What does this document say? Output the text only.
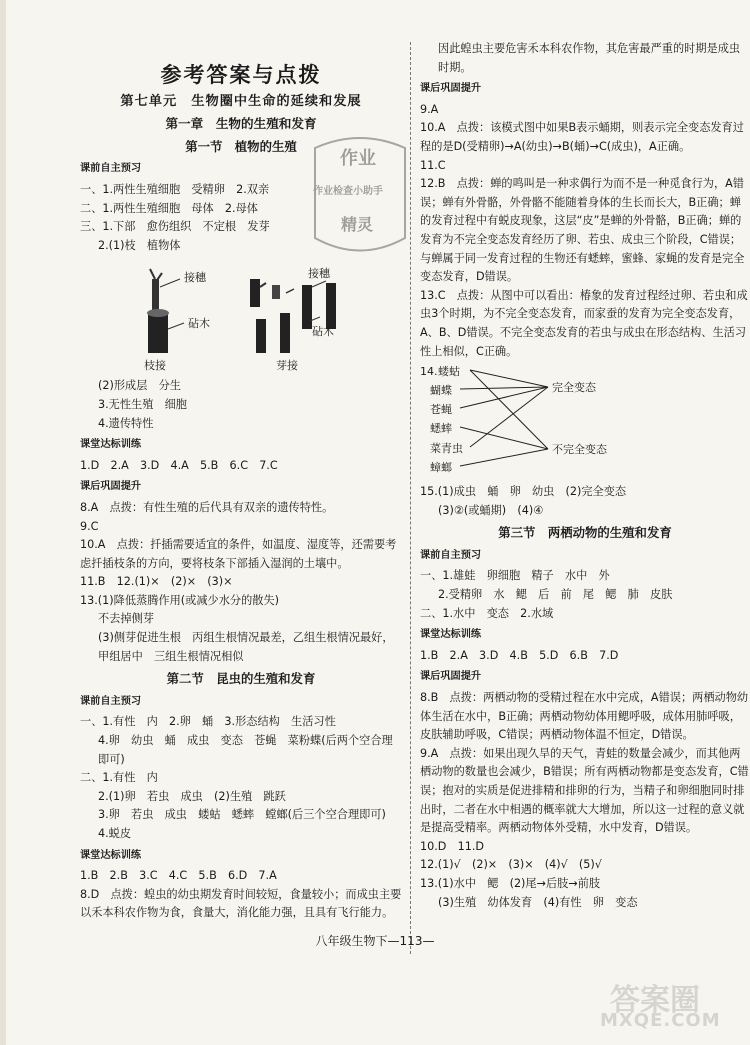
参考答案与点拨
第七单元　生物圈中生命的延续和发展
第一章　生物的生殖和发育
第一节　植物的生殖
课前自主预习

一、1.两性生殖细胞　受精卵　2.双亲

二、1.两性生殖细胞　母体　2.母体

三、1.下部　愈伤组织　不定根　发芽

2.(1)枝　植物体

接穗
砧木
枝接
接穗
砧木
芽接

(2)形成层　分生

3.无性生殖　细胞

4.遗传特性

课堂达标训练

1.D　2.A　3.D　4.A　5.B　6.C　7.C

课后巩固提升

8.A　点拨：有性生殖的后代具有双亲的遗传特性。

9.C

10.A　点拨：扦插需要适宜的条件，如温度、湿度等，还需要考虑扦插枝条的方向，要将枝条下部插入湿润的土壤中。

11.B　12.(1)×　(2)×　(3)×

13.(1)降低蒸腾作用(或减少水分的散失)

不去掉侧芽

(3)侧芽促进生根　丙组生根情况最差，乙组生根情况最好，甲组居中　三组生根情况相似

第二节　昆虫的生殖和发育
课前自主预习

一、1.有性　内　2.卵　蛹　3.形态结构　生活习性

4.卵　幼虫　蛹　成虫　变态　苍蝇　菜粉蝶(后两个空合理即可)

二、1.有性　内

2.(1)卵　若虫　成虫　(2)生殖　跳跃

3.卵　若虫　成虫　蝼蛄　蟋蟀　螳螂(后三个空合理即可)

4.蜕皮

课堂达标训练

1.B　2.B　3.C　4.C　5.B　6.D　7.A

8.D　点拨：蝗虫的幼虫期发育时间较短，食量较小；而成虫主要以禾本科农作物为食，食量大，消化能力强，且具有飞行能力。

因此蝗虫主要危害禾本科农作物，其危害最严重的时期是成虫时期。

课后巩固提升

9.A

10.A　点拨：该模式图中如果B表示蛹期，则表示完全变态发育过程的是D(受精卵)→A(幼虫)→B(蛹)→C(成虫)，A正确。

11.C

12.B　点拨：蝉的鸣叫是一种求偶行为而不是一种觅食行为，A错误；蝉有外骨骼，外骨骼不能随着身体的生长而长大，B正确；蝉的发育过程中有蜕皮现象，这层“皮”是蝉的外骨骼，B正确；蝉的发育为不完全变态发育经历了卵、若虫、成虫三个阶段，C错误；与蝉属于同一发育过程的生物还有蟋蟀，蜜蜂、家蝇的发育是完全变态发育，D错误。

13.C　点拨：从图中可以看出：椿象的发育过程经过卵、若虫和成虫3个时期，为不完全变态发育，而家蚕的发育为完全变态发育，A、B、D错误。不完全变态发育的若虫与成虫在形态结构、生活习性上相似，C正确。

14. 蝼蛄
蝴蝶
苍蝇
蟋蟀
菜青虫
蟑螂
完全变态
不完全变态

15.(1)成虫　蛹　卵　幼虫　(2)完全变态

(3)②(或蛹期)　(4)④

第三节　两栖动物的生殖和发育
课前自主预习

一、1.雄蛙　卵细胞　精子　水中　外

2.受精卵　水　鳃　后　前　尾　鳃　肺　皮肤

二、1.水中　变态　2.水域

课堂达标训练

1.B　2.A　3.D　4.B　5.D　6.B　7.D

课后巩固提升

8.B　点拨：两栖动物的受精过程在水中完成，A错误；两栖动物幼体生活在水中，B正确；两栖动物幼体用鳃呼吸，成体用肺呼吸，皮肤辅助呼吸，C错误；两栖动物体温不恒定，D错误。

9.A　点拨：如果出现久旱的天气，青蛙的数量会减少，而其他两栖动物的数量也会减少，B错误；所有两栖动物都是变态发育，C错误；抱对的实质是促进排精和排卵的行为，当精子和卵细胞同时排出时，二者在水中相遇的概率就大大增加，所以这一过程的意义就是提高受精率。两栖动物体外受精，水中发育，D错误。

10.D　11.D

12.(1)√　(2)×　(3)×　(4)√　(5)√

13.(1)水中　鳃　(2)尾→后肢→前肢

(3)生殖　幼体发育　(4)有性　卵　变态

作业
作业检查小助手
精灵
八年级生物下—113—
答案圈
MXQE.COM
